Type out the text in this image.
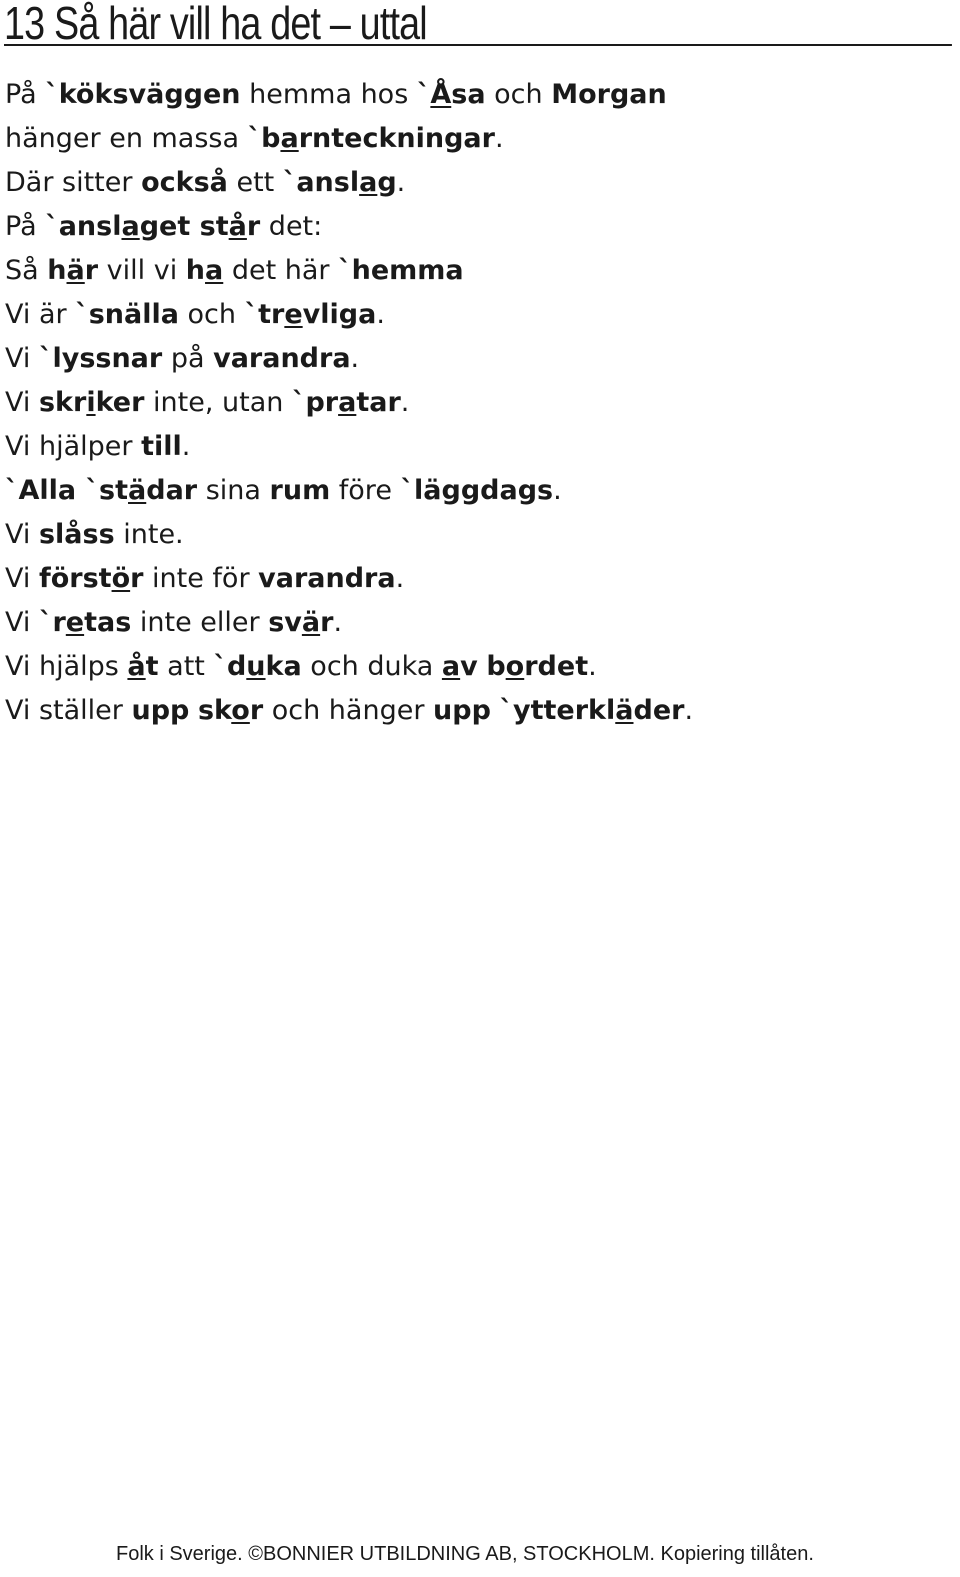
13 Så här vill ha det – uttal
På `köksväggen hemma hos `Åsa och Morgan
hänger en massa `barnteckningar.
Där sitter också ett `anslag.
På `anslaget står det:
Så här vill vi ha det här `hemma
Vi är `snälla och `trevliga.
Vi `lyssnar på varandra.
Vi skriker inte, utan `pratar.
Vi hjälper till.
`Alla `städar sina rum före `läggdags.
Vi slåss inte.
Vi förstör inte för varandra.
Vi `retas inte eller svär.
Vi hjälps åt att `duka och duka av bordet.
Vi ställer upp skor och hänger upp `ytterkläder.
Folk i Sverige. ©BONNIER UTBILDNING AB, STOCKHOLM. Kopiering tillåten.
